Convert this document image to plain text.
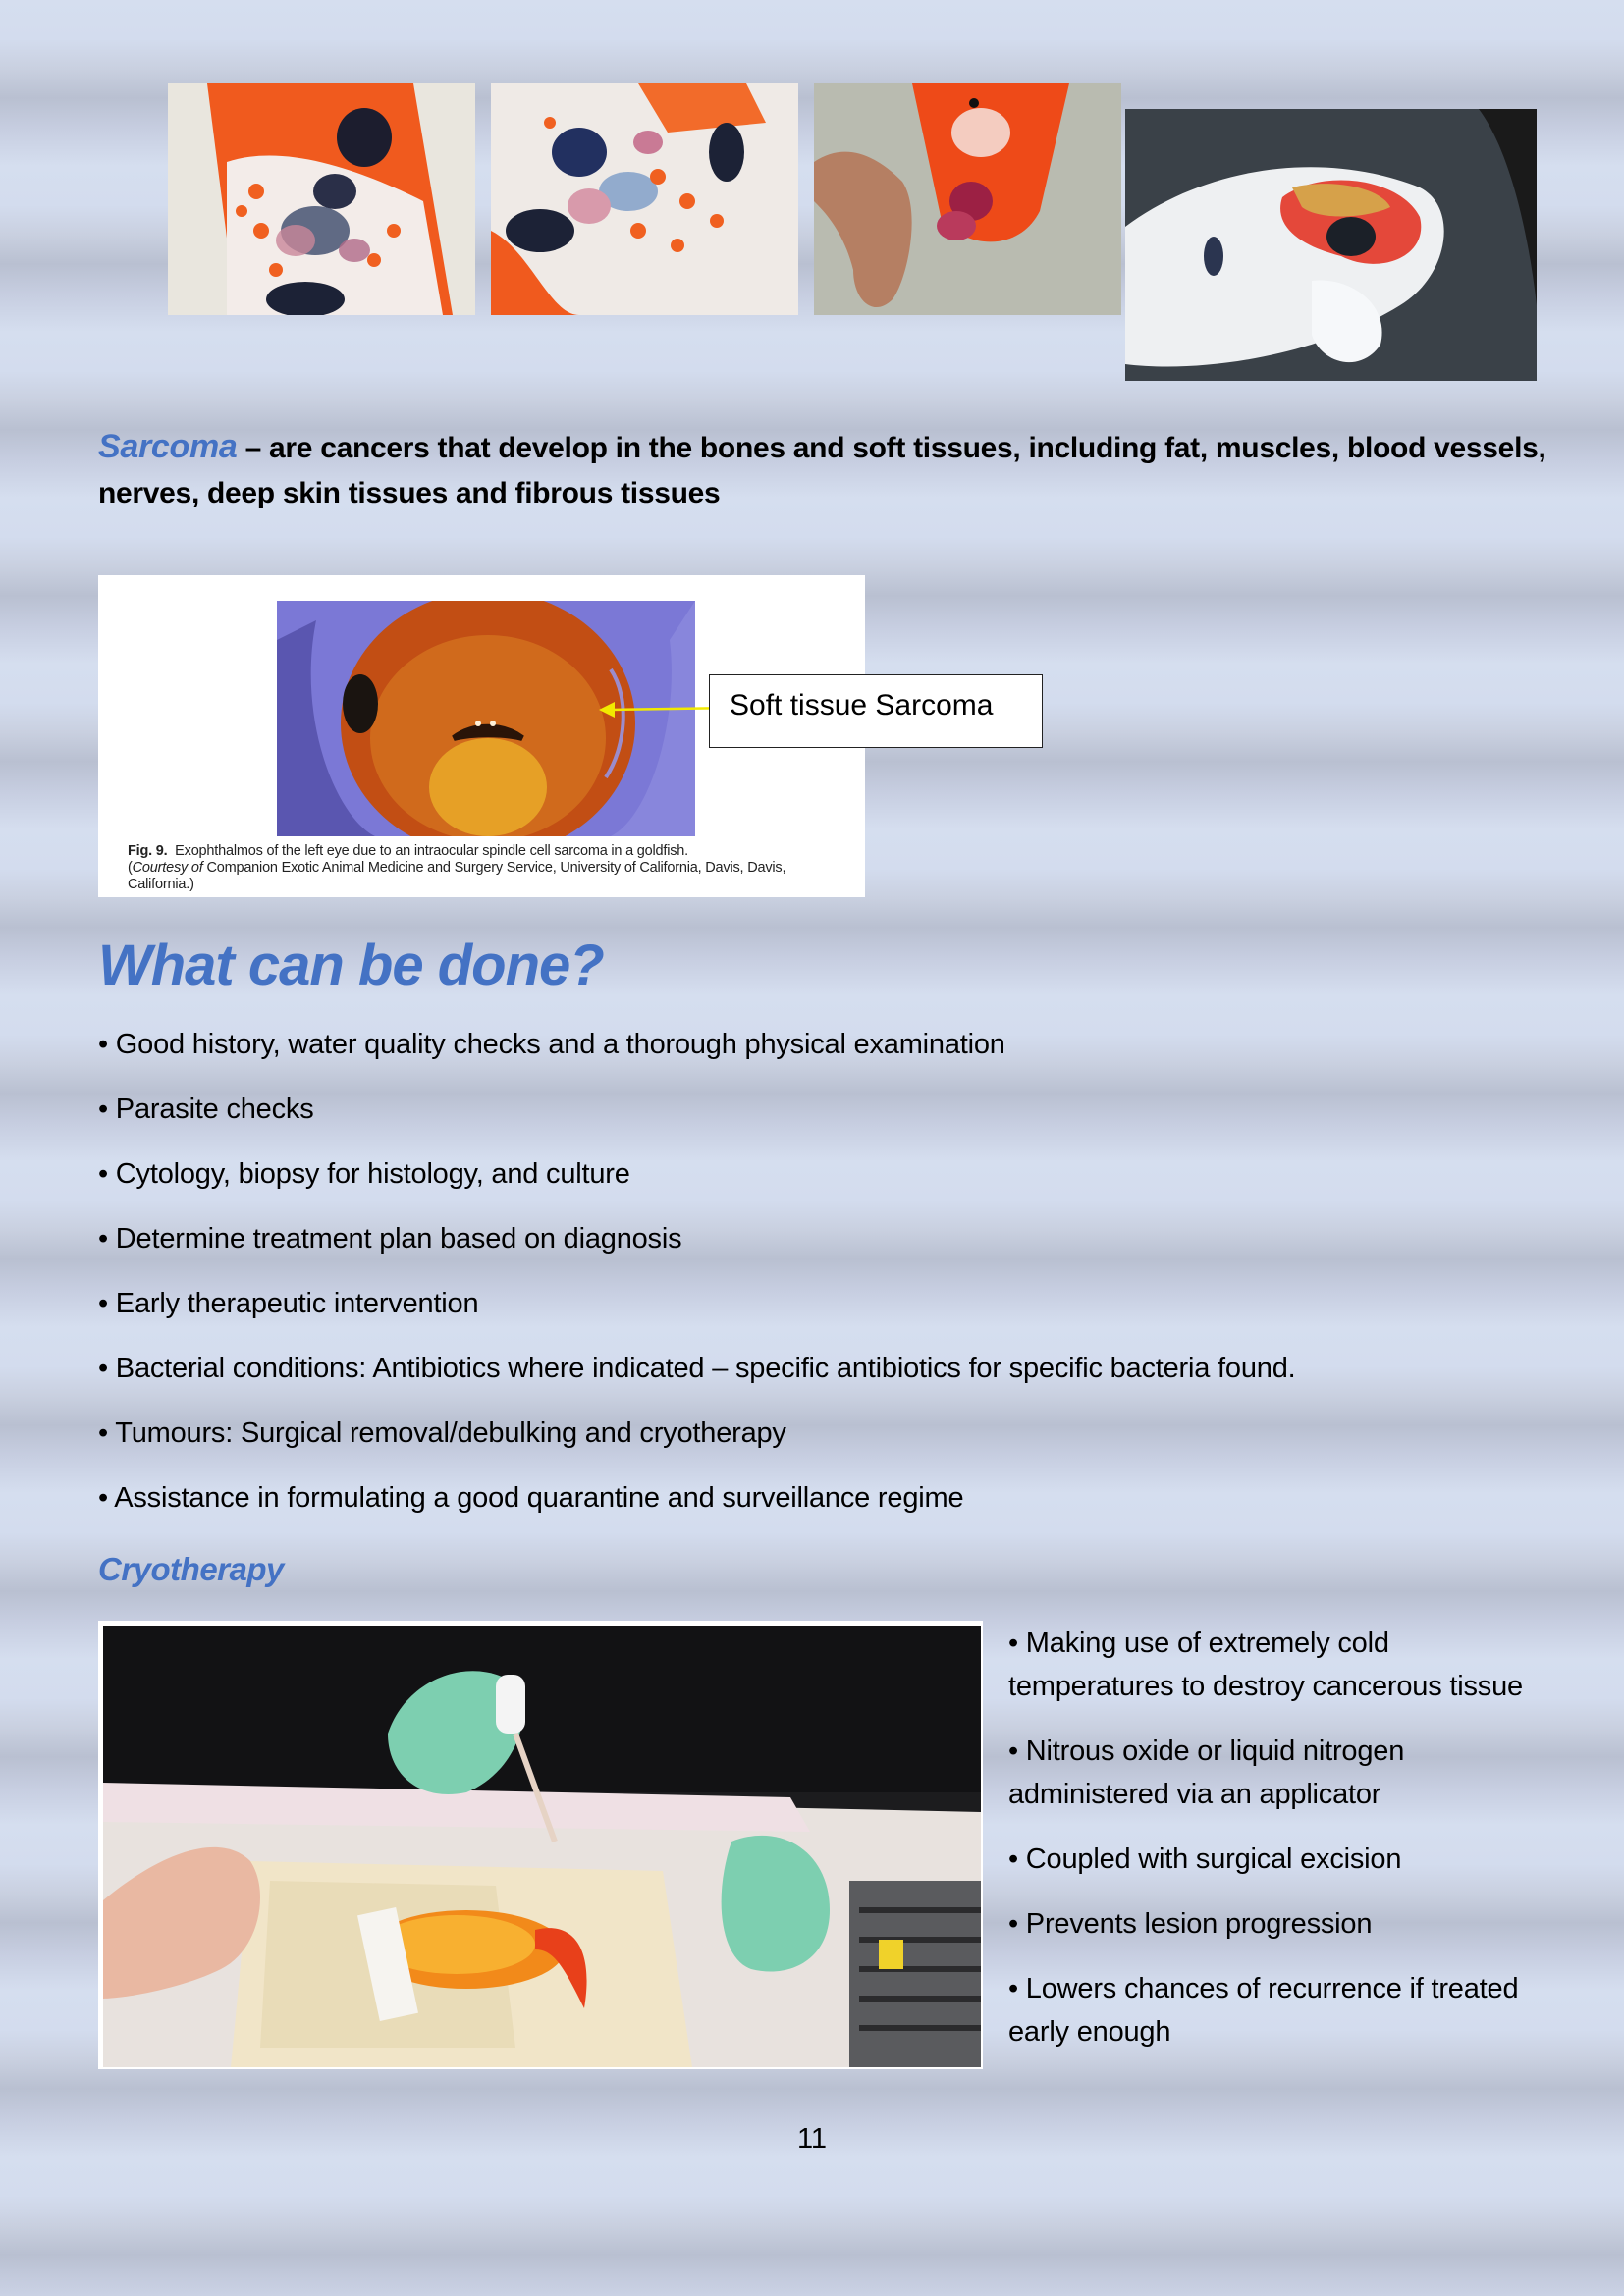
Sarcoma – are cancers that develop in the bones and soft tissues, including fat, muscles, blood vessels, nerves, deep skin tissues and fibrous tissues
Fig. 9. Exophthalmos of the left eye due to an intraocular spindle cell sarcoma in a goldfish.
(Courtesy of Companion Exotic Animal Medicine and Surgery Service, University of California, Davis, Davis, California.)
Soft tissue Sarcoma
What can be done?
• Good history, water quality checks and a thorough physical examination
• Parasite checks
• Cytology, biopsy for histology, and culture
• Determine treatment plan based on diagnosis
• Early therapeutic intervention
• Bacterial conditions: Antibiotics where indicated – specific antibiotics for specific bacteria found.
• Tumours: Surgical removal/debulking and cryotherapy
• Assistance in formulating a good quarantine and surveillance regime
Cryotherapy
• Making use of extremely cold temperatures to destroy cancerous tissue
• Nitrous oxide or liquid nitrogen administered via an applicator
• Coupled with surgical excision
• Prevents lesion progression
• Lowers chances of recurrence if treated early enough
11
